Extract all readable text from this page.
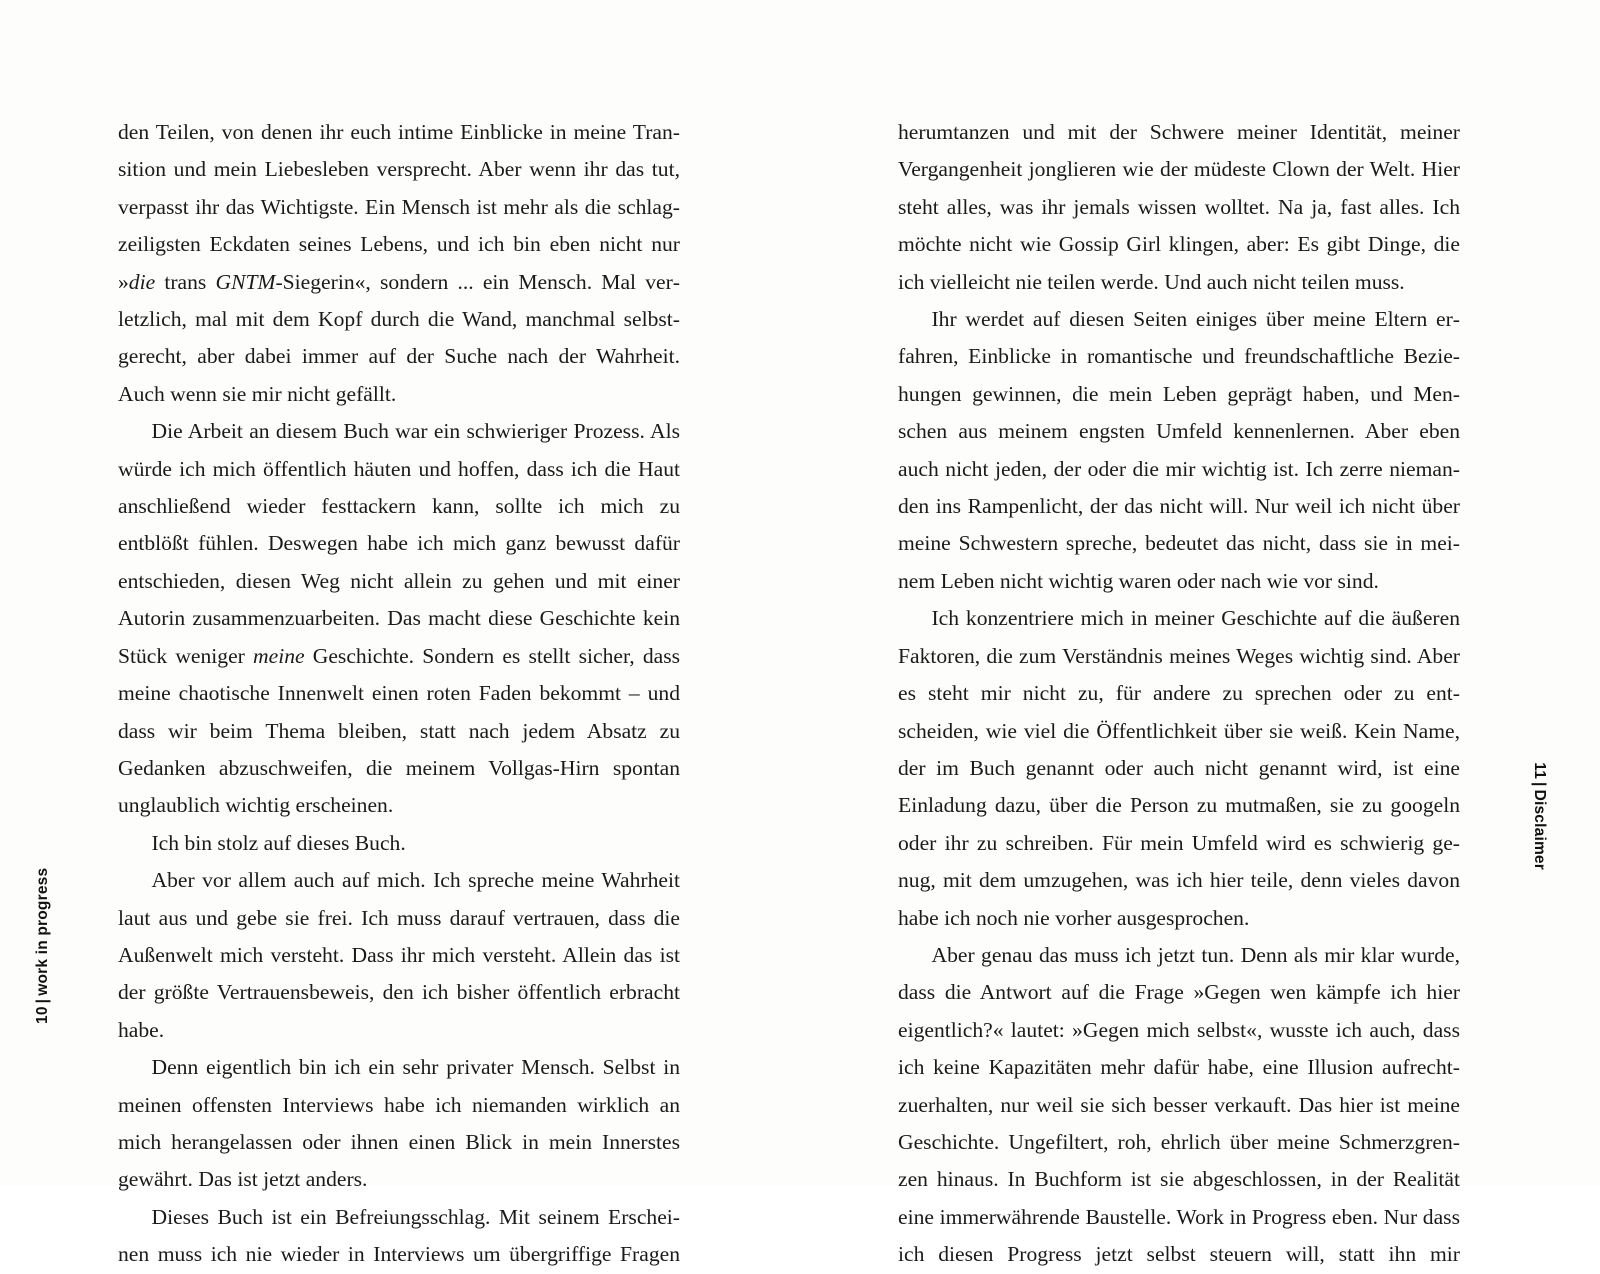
den Teilen, von denen ihr euch intime Einblicke in meine Transition und mein Liebesleben versprecht. Aber wenn ihr das tut, verpasst ihr das Wichtigste. Ein Mensch ist mehr als die schlagzeiligsten Eckdaten seines Lebens, und ich bin eben nicht nur »die trans GNTM-Siegerin«, sondern ... ein Mensch. Mal verletzlich, mal mit dem Kopf durch die Wand, manchmal selbstgerecht, aber dabei immer auf der Suche nach der Wahrheit. Auch wenn sie mir nicht gefällt.

Die Arbeit an diesem Buch war ein schwieriger Prozess. Als würde ich mich öffentlich häuten und hoffen, dass ich die Haut anschließend wieder festtackern kann, sollte ich mich zu entblößt fühlen. Deswegen habe ich mich ganz bewusst dafür entschieden, diesen Weg nicht allein zu gehen und mit einer Autorin zusammenzuarbeiten. Das macht diese Geschichte kein Stück weniger meine Geschichte. Sondern es stellt sicher, dass meine chaotische Innenwelt einen roten Faden bekommt – und dass wir beim Thema bleiben, statt nach jedem Absatz zu Gedanken abzuschweifen, die meinem Vollgas-Hirn spontan unglaublich wichtig erscheinen.

Ich bin stolz auf dieses Buch.

Aber vor allem auch auf mich. Ich spreche meine Wahrheit laut aus und gebe sie frei. Ich muss darauf vertrauen, dass die Außenwelt mich versteht. Dass ihr mich versteht. Allein das ist der größte Vertrauensbeweis, den ich bisher öffentlich erbracht habe.

Denn eigentlich bin ich ein sehr privater Mensch. Selbst in meinen offensten Interviews habe ich niemanden wirklich an mich herangelassen oder ihnen einen Blick in mein Innerstes gewährt. Das ist jetzt anders.

Dieses Buch ist ein Befreiungsschlag. Mit seinem Erscheinen muss ich nie wieder in Interviews um übergriffige Fragen

10|work in progress

herumtanzen und mit der Schwere meiner Identität, meiner Vergangenheit jonglieren wie der müdeste Clown der Welt. Hier steht alles, was ihr jemals wissen wolltet. Na ja, fast alles. Ich möchte nicht wie Gossip Girl klingen, aber: Es gibt Dinge, die ich vielleicht nie teilen werde. Und auch nicht teilen muss.

Ihr werdet auf diesen Seiten einiges über meine Eltern erfahren, Einblicke in romantische und freundschaftliche Beziehungen gewinnen, die mein Leben geprägt haben, und Menschen aus meinem engsten Umfeld kennenlernen. Aber eben auch nicht jeden, der oder die mir wichtig ist. Ich zerre niemanden ins Rampenlicht, der das nicht will. Nur weil ich nicht über meine Schwestern spreche, bedeutet das nicht, dass sie in meinem Leben nicht wichtig waren oder nach wie vor sind.

Ich konzentriere mich in meiner Geschichte auf die äußeren Faktoren, die zum Verständnis meines Weges wichtig sind. Aber es steht mir nicht zu, für andere zu sprechen oder zu entscheiden, wie viel die Öffentlichkeit über sie weiß. Kein Name, der im Buch genannt oder auch nicht genannt wird, ist eine Einladung dazu, über die Person zu mutmaßen, sie zu googeln oder ihr zu schreiben. Für mein Umfeld wird es schwierig genug, mit dem umzugehen, was ich hier teile, denn vieles davon habe ich noch nie vorher ausgesprochen.

Aber genau das muss ich jetzt tun. Denn als mir klar wurde, dass die Antwort auf die Frage »Gegen wen kämpfe ich hier eigentlich?« lautet: »Gegen mich selbst«, wusste ich auch, dass ich keine Kapazitäten mehr dafür habe, eine Illusion aufrechtzuerhalten, nur weil sie sich besser verkauft. Das hier ist meine Geschichte. Ungefiltert, roh, ehrlich über meine Schmerzgrenzen hinaus. In Buchform ist sie abgeschlossen, in der Realität eine immerwährende Baustelle. Work in Progress eben. Nur dass ich diesen Progress jetzt selbst steuern will, statt ihn mir

11|Disclaimer
